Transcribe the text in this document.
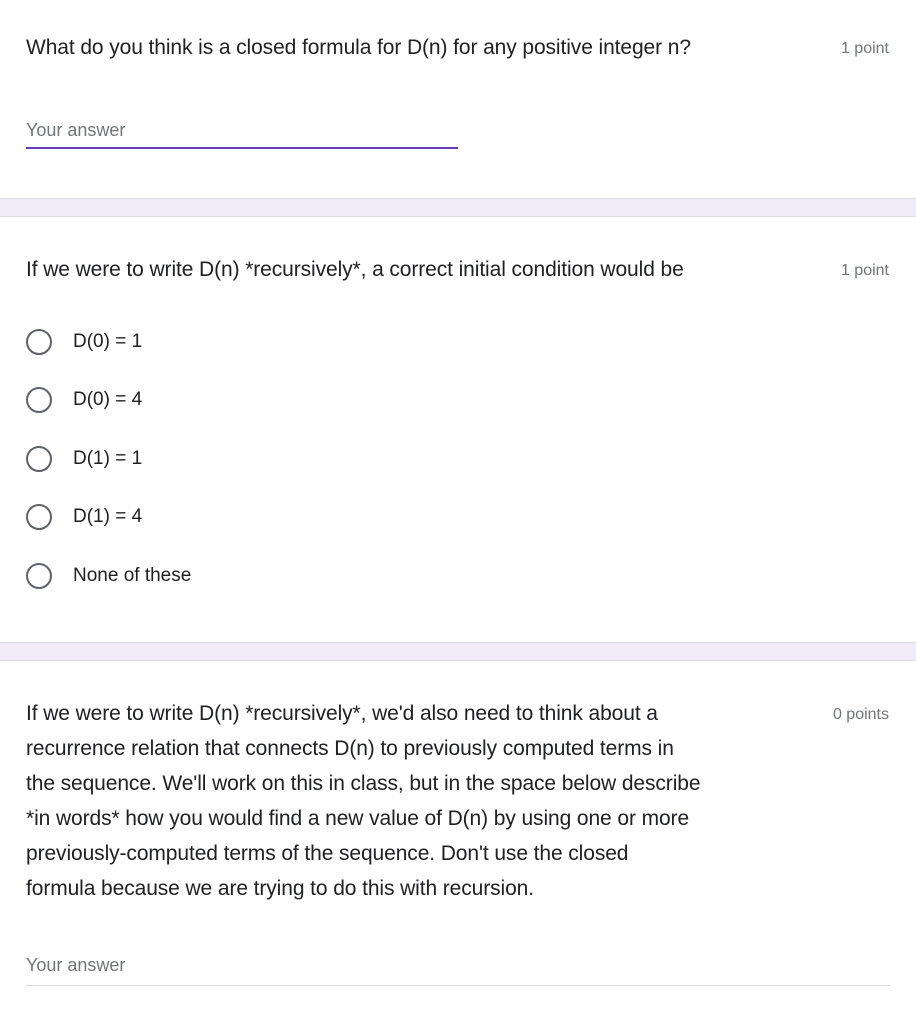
What do you think is a closed formula for D(n) for any positive integer n?	1 point
Your answer
If we were to write D(n) *recursively*, a correct initial condition would be	1 point
D(0) = 1
D(0) = 4
D(1) = 1
D(1) = 4
None of these
If we were to write D(n) *recursively*, we'd also need to think about a
recurrence relation that connects D(n) to previously computed terms in
the sequence. We'll work on this in class, but in the space below describe
*in words* how you would find a new value of D(n) by using one or more
previously-computed terms of the sequence. Don't use the closed
formula because we are trying to do this with recursion.
0 points
Your answer
